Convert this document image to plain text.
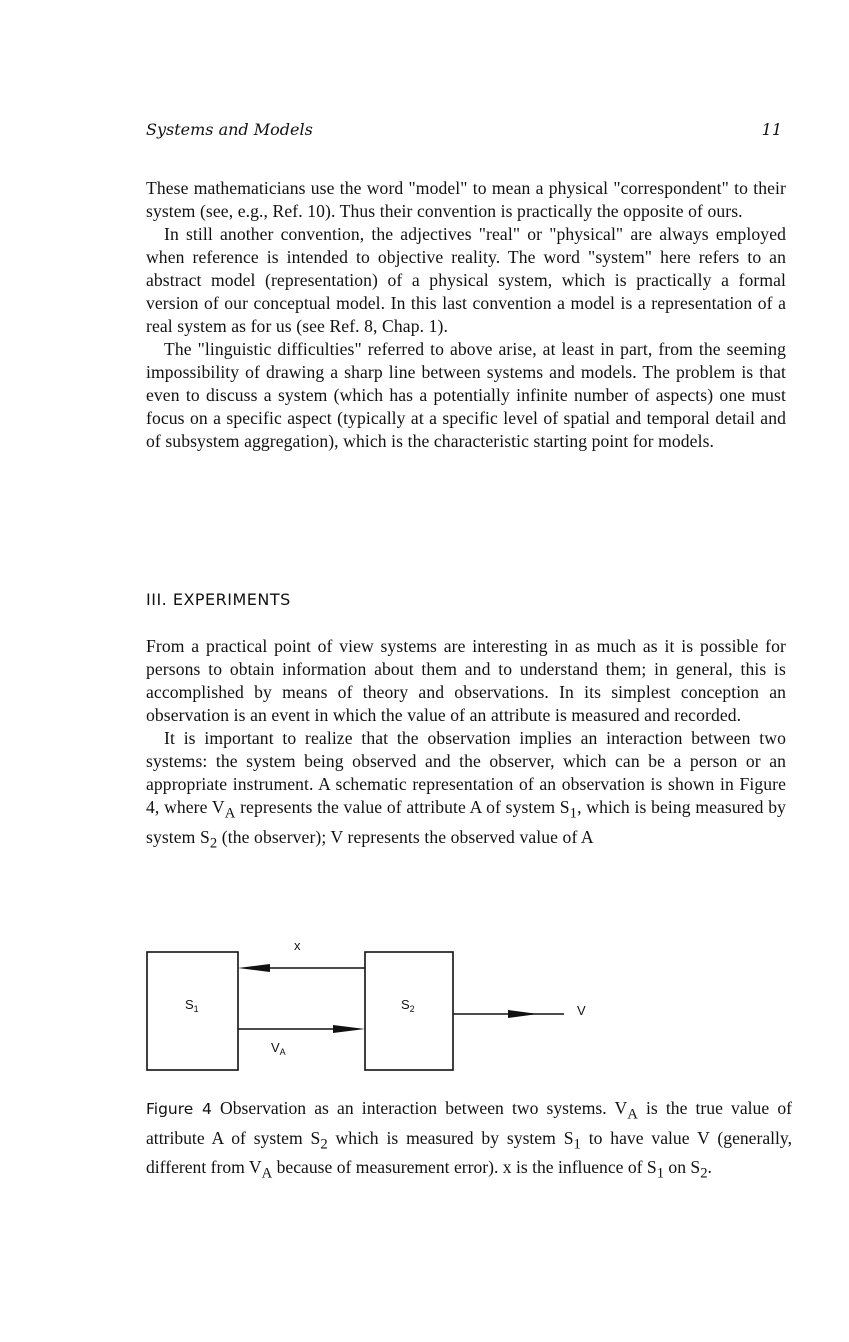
Systems and Models	11

These mathematicians use the word "model" to mean a physical "correspondent" to their system (see, e.g., Ref. 10). Thus their convention is practically the opposite of ours.

In still another convention, the adjectives "real" or "physical" are always employed when reference is intended to objective reality. The word "system" here refers to an abstract model (representation) of a physical system, which is practically a formal version of our conceptual model. In this last convention a model is a representation of a real system as for us (see Ref. 8, Chap. 1).

The "linguistic difficulties" referred to above arise, at least in part, from the seeming impossibility of drawing a sharp line between systems and models. The problem is that even to discuss a system (which has a potentially infinite number of aspects) one must focus on a specific aspect (typically at a specific level of spatial and temporal detail and of subsystem aggregation), which is the characteristic starting point for models.

III. EXPERIMENTS

From a practical point of view systems are interesting in as much as it is possible for persons to obtain information about them and to understand them; in general, this is accomplished by means of theory and observations. In its simplest conception an observation is an event in which the value of an attribute is measured and recorded.

It is important to realize that the observation implies an interaction between two systems: the system being observed and the observer, which can be a person or an appropriate instrument. A schematic representation of an observation is shown in Figure 4, where $V_A$ represents the value of attribute A of system $S_1$, which is being measured by system $S_2$ (the observer); V represents the observed value of A

$S_1$	$S_2$
x
$V_A$
V
Figure 4 Observation as an interaction between two systems. $V_A$ is the true value of attribute A of system $S_2$ which is measured by system $S_1$ to have value V (generally, different from $V_A$ because of measurement error). x is the influence of $S_1$ on $S_2$.
